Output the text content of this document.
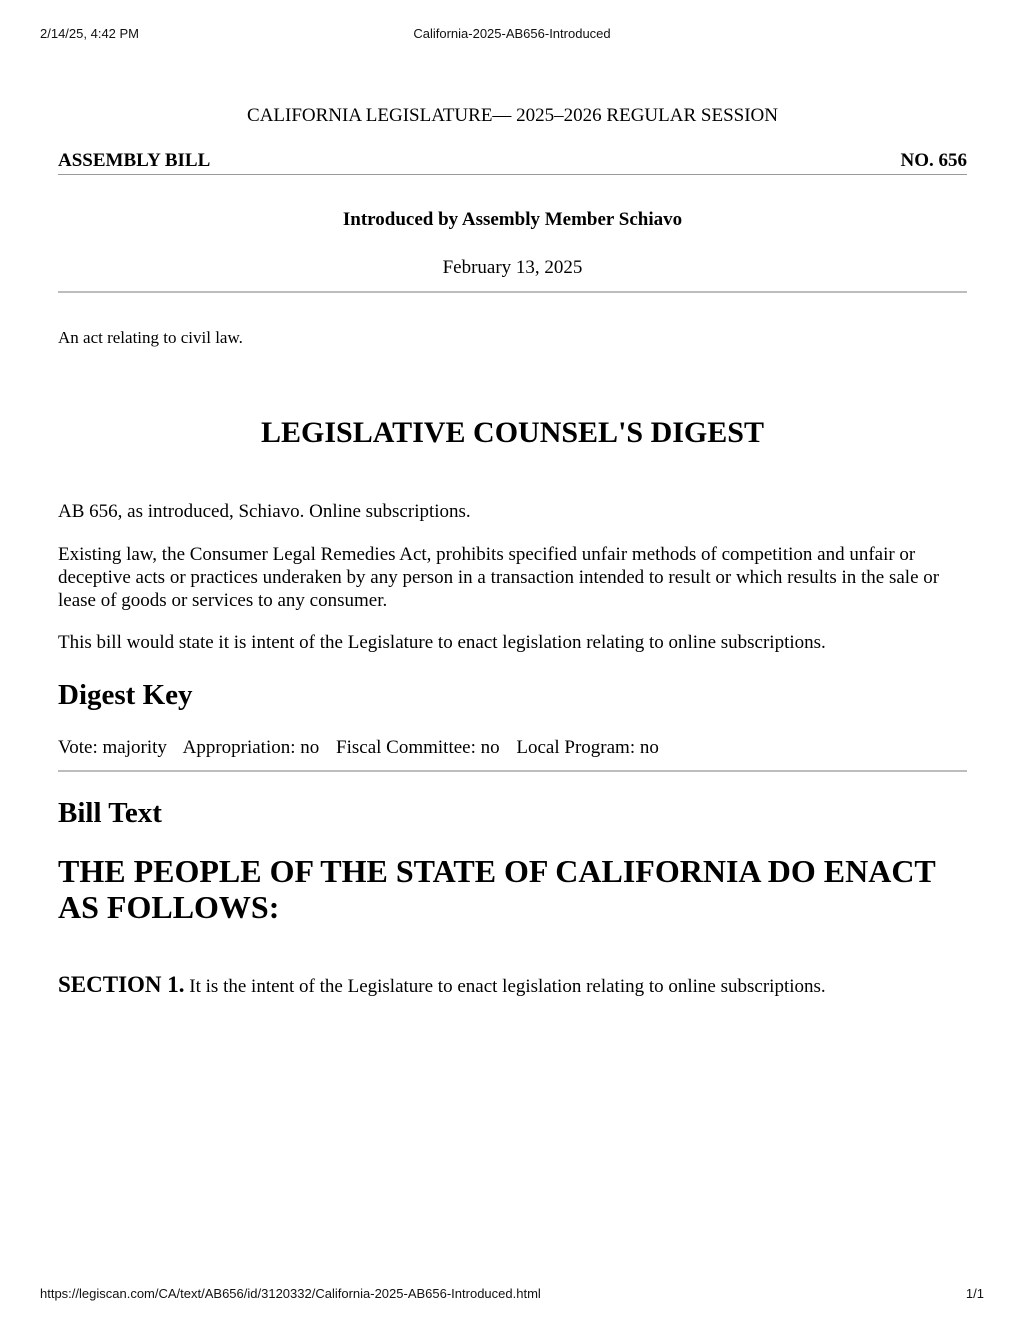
2/14/25, 4:42 PM	California-2025-AB656-Introduced
CALIFORNIA LEGISLATURE— 2025–2026 REGULAR SESSION
ASSEMBLY BILL	NO. 656
Introduced by Assembly Member Schiavo
February 13, 2025
An act relating to civil law.
LEGISLATIVE COUNSEL'S DIGEST

AB 656, as introduced, Schiavo. Online subscriptions.

Existing law, the Consumer Legal Remedies Act, prohibits specified unfair methods of competition and unfair or deceptive acts or practices underaken by any person in a transaction intended to result or which results in the sale or lease of goods or services to any consumer.

This bill would state it is intent of the Legislature to enact legislation relating to online subscriptions.

Digest Key
Vote: majority Appropriation: no Fiscal Committee: no Local Program: no
Bill Text
THE PEOPLE OF THE STATE OF CALIFORNIA DO ENACT AS FOLLOWS:
SECTION 1. It is the intent of the Legislature to enact legislation relating to online subscriptions.
https://legiscan.com/CA/text/AB656/id/3120332/California-2025-AB656-Introduced.html	1/1
